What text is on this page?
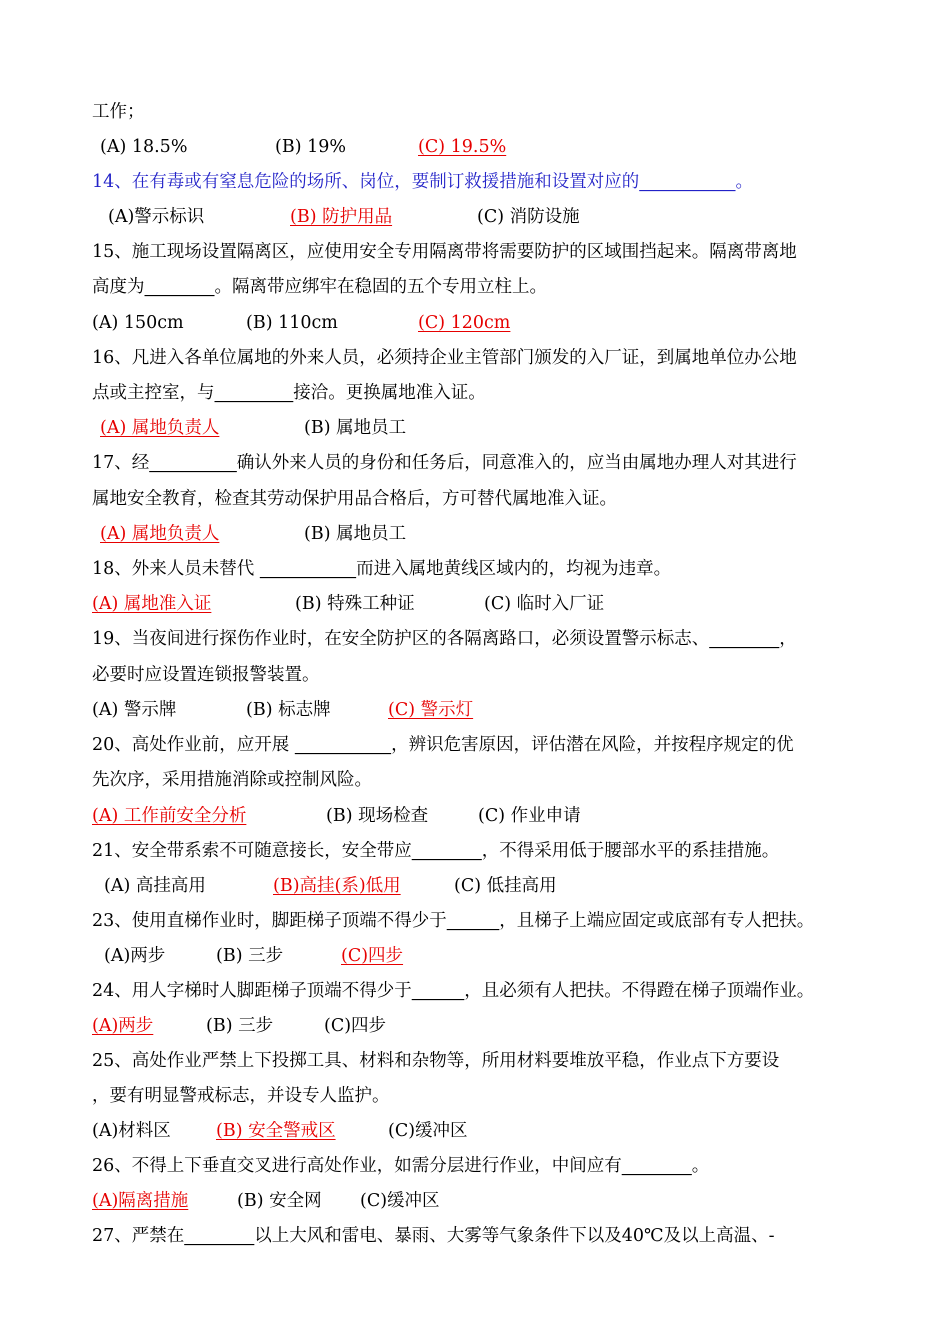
工作；
(A) 18.5%	(B) 19%	(C) 19.5%
14、在有毒或有窒息危险的场所、岗位，要制订救援措施和设置对应的___________。
(A)警示标识	(B) 防护用品	(C) 消防设施
15、施工现场设置隔离区，应使用安全专用隔离带将需要防护的区域围挡起来。隔离带离地
高度为________。隔离带应绑牢在稳固的五个专用立柱上。
(A) 150cm	(B) 110cm	(C) 120cm
16、凡进入各单位属地的外来人员，必须持企业主管部门颁发的入厂证，到属地单位办公地
点或主控室，与_________接洽。更换属地准入证。
(A) 属地负责人	(B) 属地员工
17、经__________确认外来人员的身份和任务后，同意准入的，应当由属地办理人对其进行
属地安全教育，检查其劳动保护用品合格后，方可替代属地准入证。
(A) 属地负责人	(B) 属地员工
18、外来人员未替代 ___________而进入属地黄线区域内的，均视为违章。
(A) 属地准入证	(B) 特殊工种证	(C) 临时入厂证
19、当夜间进行探伤作业时，在安全防护区的各隔离路口，必须设置警示标志、________，
必要时应设置连锁报警装置。
(A) 警示牌	(B) 标志牌	(C) 警示灯
20、高处作业前，应开展 ___________，辨识危害原因，评估潜在风险，并按程序规定的优
先次序，采用措施消除或控制风险。
(A) 工作前安全分析	(B) 现场检查	(C) 作业申请
21、安全带系索不可随意接长，安全带应________，不得采用低于腰部水平的系挂措施。
(A) 高挂高用	(B)高挂(系)低用	(C) 低挂高用
23、使用直梯作业时，脚距梯子顶端不得少于______，且梯子上端应固定或底部有专人把扶。
(A)两步	(B) 三步	(C)四步
24、用人字梯时人脚距梯子顶端不得少于______，且必须有人把扶。不得蹬在梯子顶端作业。
(A)两步	(B) 三步	(C)四步
25、高处作业严禁上下投掷工具、材料和杂物等，所用材料要堆放平稳，作业点下方要设
，要有明显警戒标志，并设专人监护。
(A)材料区	(B) 安全警戒区	(C)缓冲区
26、不得上下垂直交叉进行高处作业，如需分层进行作业，中间应有________。
(A)隔离措施	(B) 安全网 (C)缓冲区
27、严禁在________以上大风和雷电、暴雨、大雾等气象条件下以及40℃及以上高温、-
